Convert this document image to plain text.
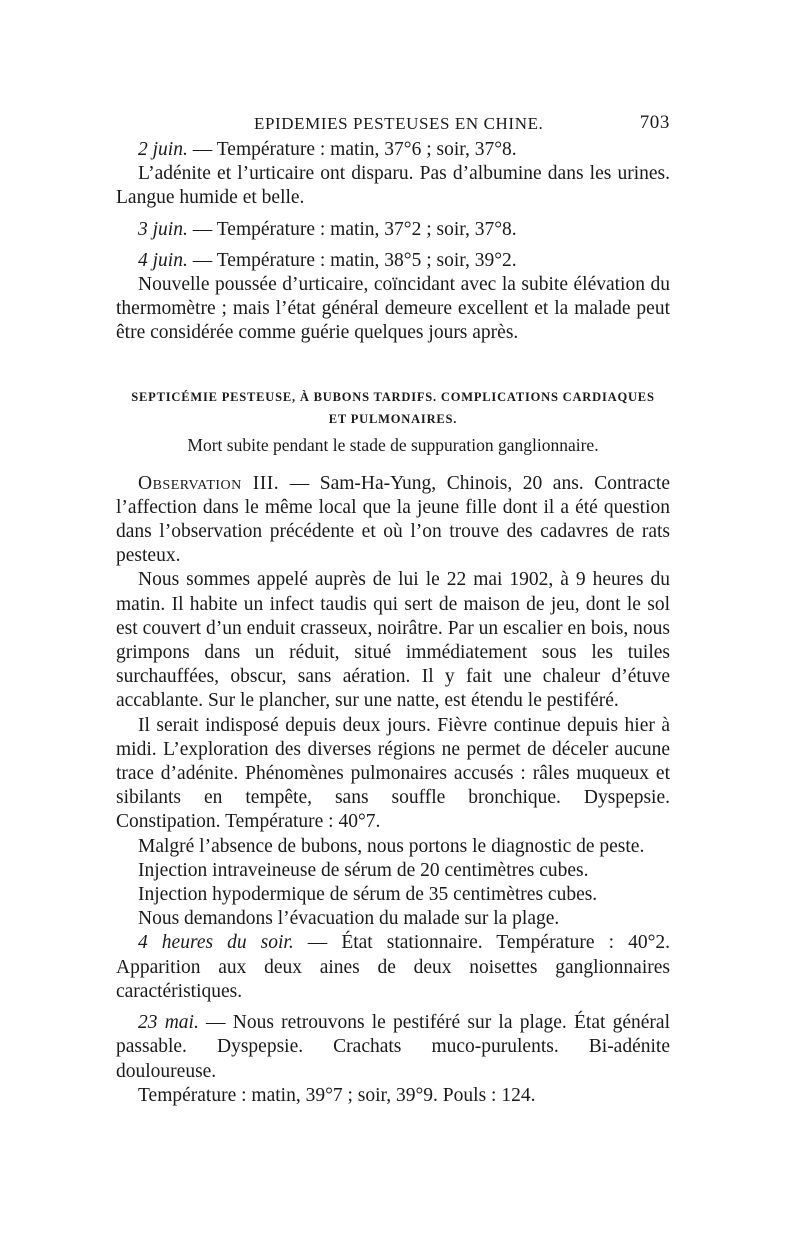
EPIDEMIES PESTEUSES EN CHINE.	703

2 juin. — Température : matin, 37°6 ; soir, 37°8.

L’adénite et l’urticaire ont disparu. Pas d’albumine dans les urines. Langue humide et belle.

3 juin. — Température : matin, 37°2 ; soir, 37°8.

4 juin. — Température : matin, 38°5 ; soir, 39°2.

Nouvelle poussée d’urticaire, coïncidant avec la subite élévation du thermomètre ; mais l’état général demeure excellent et la malade peut être considérée comme guérie quelques jours après.

SEPTICÉMIE PESTEUSE, À BUBONS TARDIFS. COMPLICATIONS CARDIAQUES
ET PULMONAIRES.
Mort subite pendant le stade de suppuration ganglionnaire.

Observation III. — Sam-Ha-Yung, Chinois, 20 ans. Contracte l’affection dans le même local que la jeune fille dont il a été question dans l’observation précédente et où l’on trouve des cadavres de rats pesteux.

Nous sommes appelé auprès de lui le 22 mai 1902, à 9 heures du matin. Il habite un infect taudis qui sert de maison de jeu, dont le sol est couvert d’un enduit crasseux, noirâtre. Par un escalier en bois, nous grimpons dans un réduit, situé immédiatement sous les tuiles surchauffées, obscur, sans aération. Il y fait une chaleur d’étuve accablante. Sur le plancher, sur une natte, est étendu le pestiféré.

Il serait indisposé depuis deux jours. Fièvre continue depuis hier à midi. L’exploration des diverses régions ne permet de déceler aucune trace d’adénite. Phénomènes pulmonaires accusés : râles muqueux et sibilants en tempête, sans souffle bronchique. Dyspepsie. Constipation. Température : 40°7.

Malgré l’absence de bubons, nous portons le diagnostic de peste.

Injection intraveineuse de sérum de 20 centimètres cubes.

Injection hypodermique de sérum de 35 centimètres cubes.

Nous demandons l’évacuation du malade sur la plage.

4 heures du soir. — État stationnaire. Température : 40°2. Apparition aux deux aines de deux noisettes ganglionnaires caractéristiques.

23 mai. — Nous retrouvons le pestiféré sur la plage. État général passable. Dyspepsie. Crachats muco-purulents. Bi-adénite douloureuse.

Température : matin, 39°7 ; soir, 39°9. Pouls : 124.
